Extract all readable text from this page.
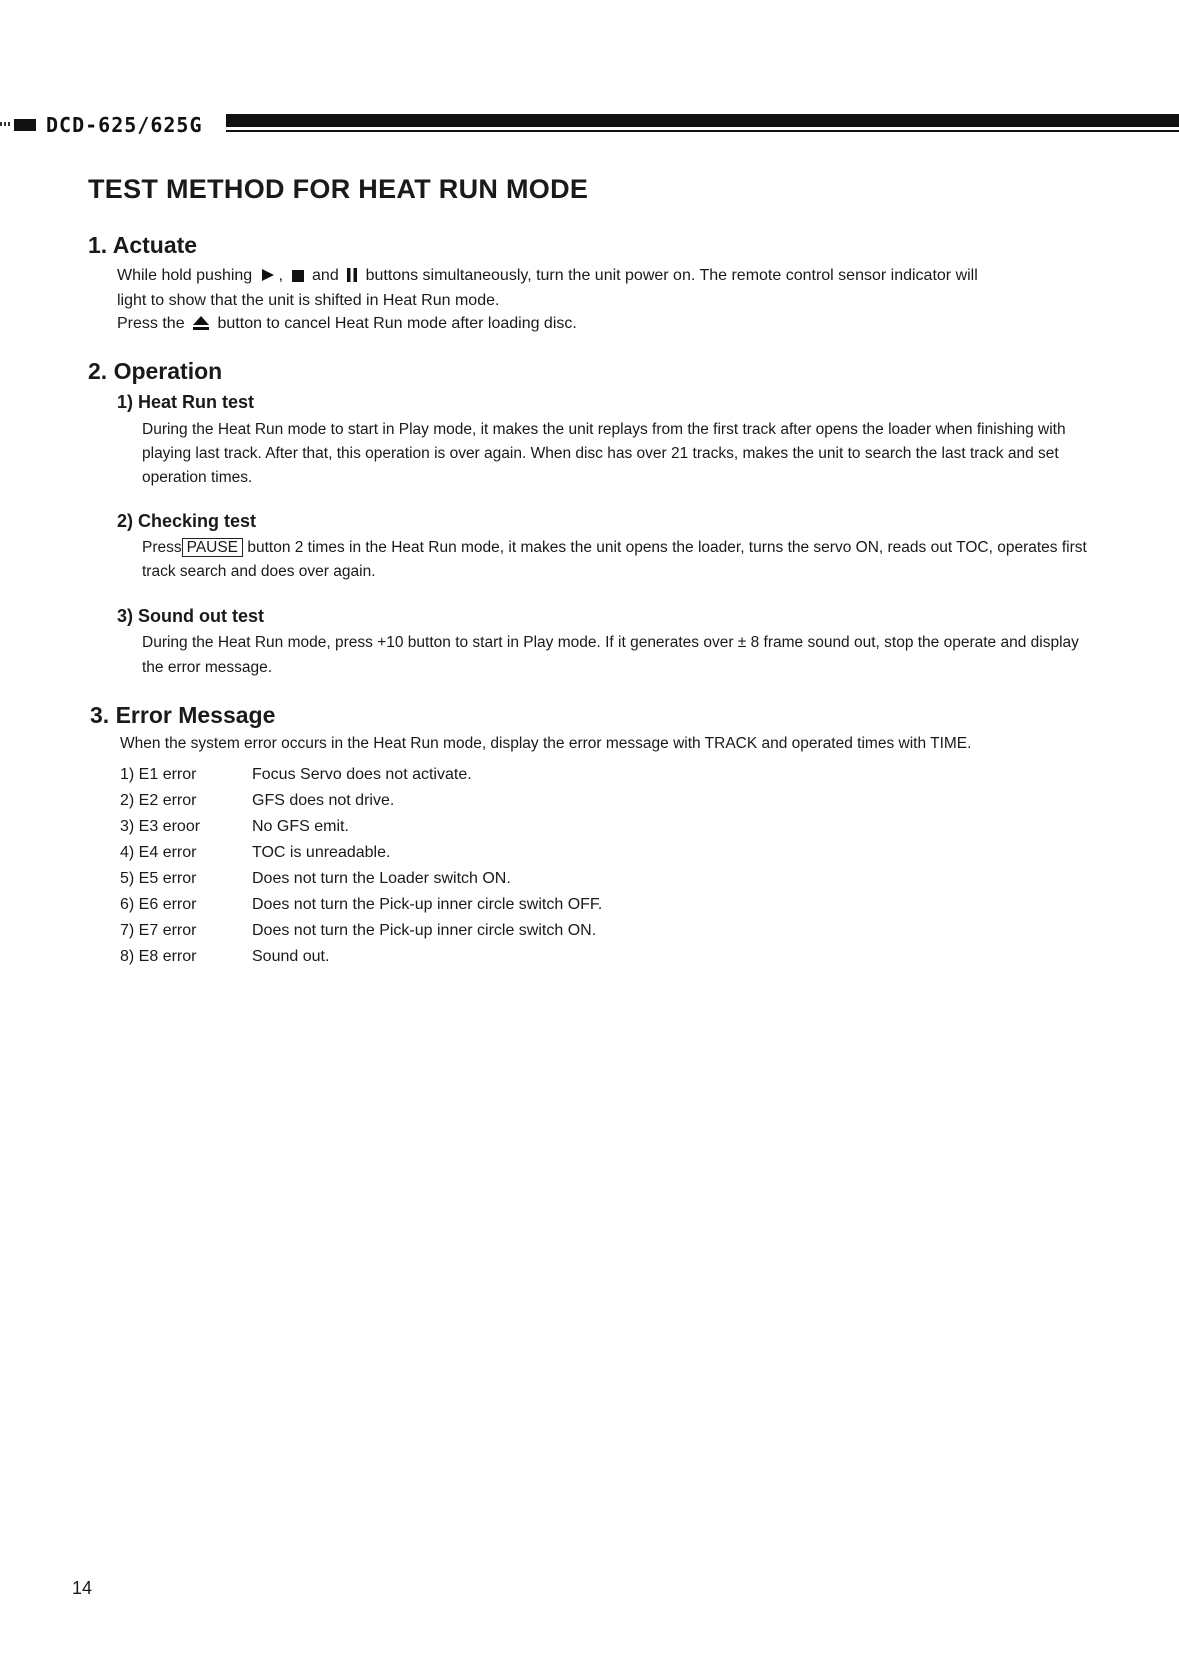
DCD-625/625G
TEST METHOD FOR HEAT RUN MODE
1. Actuate

While hold pushing , and buttons simultaneously, turn the unit power on. The remote control sensor indicator will
light to show that the unit is shifted in Heat Run mode.
Press the button to cancel Heat Run mode after loading disc.

2. Operation
1) Heat Run test

During the Heat Run mode to start in Play mode, it makes the unit replays from the first track after opens the loader when finishing with playing last track. After that, this operation is over again. When disc has over 21 tracks, makes the unit to search the last track and set operation times.

2) Checking test

Press PAUSE button 2 times in the Heat Run mode, it makes the unit opens the loader, turns the servo ON, reads out TOC, operates first track search and does over again.

3) Sound out test

During the Heat Run mode, press +10 button to start in Play mode. If it generates over ± 8 frame sound out, stop the operate and display the error message.

3. Error Message

When the system error occurs in the Heat Run mode, display the error message with TRACK and operated times with TIME.

1) E1 error	Focus Servo does not activate.
2) E2 error	GFS does not drive.
3) E3 eroor	No GFS emit.
4) E4 error	TOC is unreadable.
5) E5 error	Does not turn the Loader switch ON.
6) E6 error	Does not turn the Pick-up inner circle switch OFF.
7) E7 error	Does not turn the Pick-up inner circle switch ON.
8) E8 error	Sound out.
14
